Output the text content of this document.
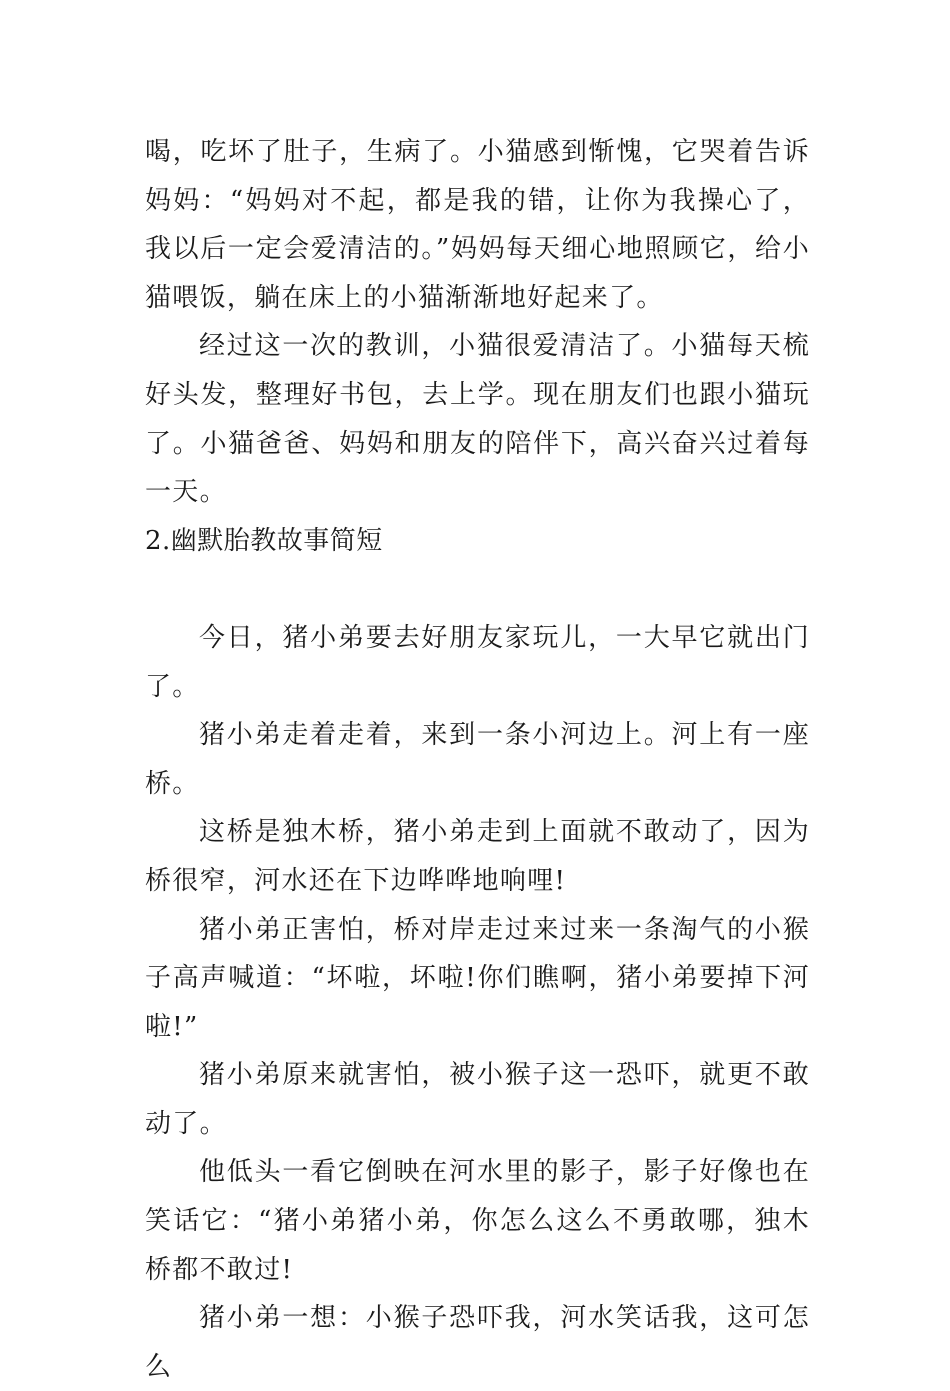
喝，吃坏了肚子，生病了。小猫感到惭愧，它哭着告诉妈妈：“妈妈对不起，都是我的错，让你为我操心了，我以后一定会爱清洁的。”妈妈每天细心地照顾它，给小猫喂饭，躺在床上的小猫渐渐地好起来了。

经过这一次的教训，小猫很爱清洁了。小猫每天梳好头发，整理好书包，去上学。现在朋友们也跟小猫玩了。小猫爸爸、妈妈和朋友的陪伴下，高兴奋兴过着每一天。

2.幽默胎教故事简短

今日，猪小弟要去好朋友家玩儿，一大早它就出门了。

猪小弟走着走着，来到一条小河边上。河上有一座桥。

这桥是独木桥，猪小弟走到上面就不敢动了，因为桥很窄，河水还在下边哗哗地响哩!

猪小弟正害怕，桥对岸走过来过来一条淘气的小猴子高声喊道：“坏啦，坏啦!你们瞧啊，猪小弟要掉下河啦!”

猪小弟原来就害怕，被小猴子这一恐吓，就更不敢动了。

他低头一看它倒映在河水里的影子，影子好像也在笑话它：“猪小弟猪小弟，你怎么这么不勇敢哪，独木桥都不敢过!

猪小弟一想：小猴子恐吓我，河水笑话我，这可怎么
